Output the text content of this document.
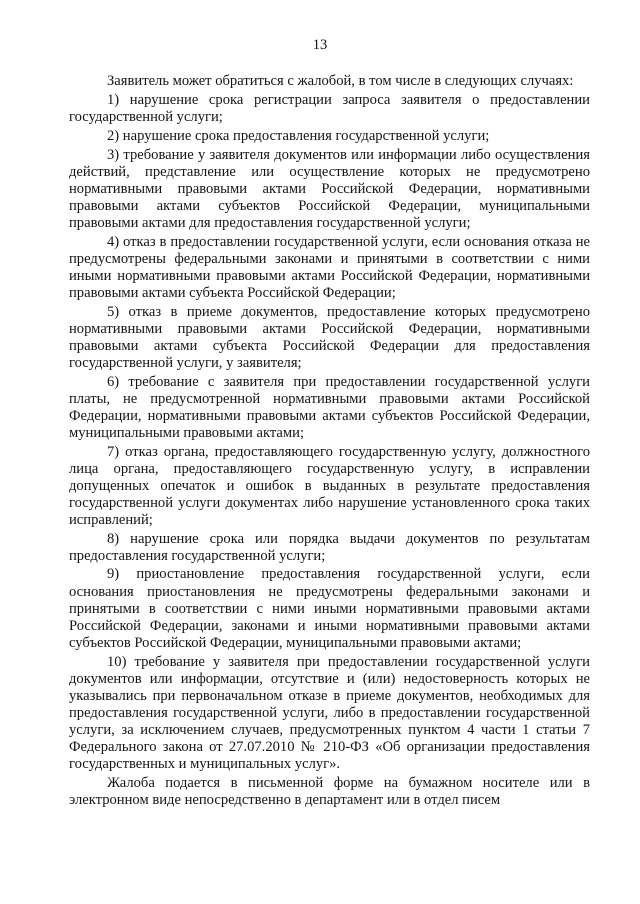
13

Заявитель может обратиться с жалобой, в том числе в следующих случаях:

1) нарушение срока регистрации запроса заявителя о предоставлении государственной услуги;

2) нарушение срока предоставления государственной услуги;

3) требование у заявителя документов или информации либо осуществления действий, представление или осуществление которых не предусмотрено нормативными правовыми актами Российской Федерации, нормативными правовыми актами субъектов Российской Федерации, муниципальными правовыми актами для предоставления государственной услуги;

4) отказ в предоставлении государственной услуги, если основания отказа не предусмотрены федеральными законами и принятыми в соответствии с ними иными нормативными правовыми актами Российской Федерации, нормативными правовыми актами субъекта Российской Федерации;

5) отказ в приеме документов, предоставление которых предусмотрено нормативными правовыми актами Российской Федерации, нормативными правовыми актами субъекта Российской Федерации для предоставления государственной услуги, у заявителя;

6) требование с заявителя при предоставлении государственной услуги платы, не предусмотренной нормативными правовыми актами Российской Федерации, нормативными правовыми актами субъектов Российской Федерации, муниципальными правовыми актами;

7) отказ органа, предоставляющего государственную услугу, должностного лица органа, предоставляющего государственную услугу, в исправлении допущенных опечаток и ошибок в выданных в результате предоставления государственной услуги документах либо нарушение установленного срока таких исправлений;

8) нарушение срока или порядка выдачи документов по результатам предоставления государственной услуги;

9) приостановление предоставления государственной услуги, если основания приостановления не предусмотрены федеральными законами и принятыми в соответствии с ними иными нормативными правовыми актами Российской Федерации, законами и иными нормативными правовыми актами субъектов Российской Федерации, муниципальными правовыми актами;

10) требование у заявителя при предоставлении государственной услуги документов или информации, отсутствие и (или) недостоверность которых не указывались при первоначальном отказе в приеме документов, необходимых для предоставления государственной услуги, либо в предоставлении государственной услуги, за исключением случаев, предусмотренных пунктом 4 части 1 статьи 7 Федерального закона от 27.07.2010 № 210-ФЗ «Об организации предоставления государственных и муниципальных услуг».

Жалоба подается в письменной форме на бумажном носителе или в электронном виде непосредственно в департамент или в отдел писем
